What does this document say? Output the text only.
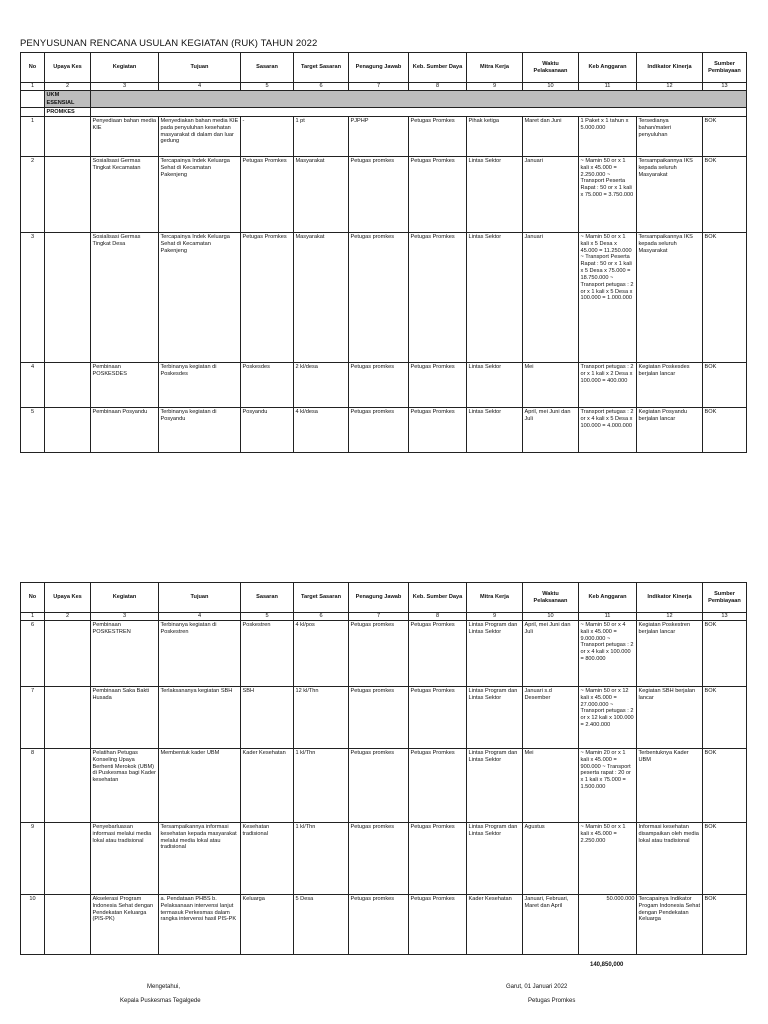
PENYUSUNAN RENCANA USULAN KEGIATAN (RUK) TAHUN 2022
No	Upaya Kes	Kegiatan	Tujuan	Sasaran	Target Sasaran	Penagung Jawab	Keb. Sumber Daya	Mitra Kerja	Waktu Pelaksanaan	Keb Anggaran	Indikator Kinerja	Sumber Pembiayaan
1	2	3	4	5	6	7	8	9	10	11	12	13
	UKM ESENSIAL											
	PROMKES											
1		Penyediaan bahan media KIE	Menyediakan bahan media KIE pada penyuluhan kesehatan masyarakat di dalam dan luar gedung	-	1 pt	PJPHP	Petugas Promkes	Pihak ketiga	Maret dan Juni	1 Paket x 1 tahun x 5.000.000	Tersedianya bahan/materi penyuluhan	BOK
2		Sosialisasi Germas Tingkat Kecamatan	Tercapainya Indek Keluarga Sehat di Kecamatan Pakenjeng	Petugas Promkes	Masyarakat	Petugas promkes	Petugas Promkes	Lintas Sektor	Januari	~ Mamin 50 or x 1 kali x 45.000 = 2.250.000 ~ Transport Peserta Rapat : 50 or x 1 kali x 75.000 = 3.750.000	Tersampaikannya IKS kepada seluruh Masyarakat	BOK
3		Sosialisasi Germas Tingkat Desa	Tercapainya Indek Keluarga Sehat di Kecamatan Pakenjeng	Petugas Promkes	Masyarakat	Petugas promkes	Petugas Promkes	Lintas Sektor	Januari	~ Mamin 50 or x 1 kali x 5 Desa x 45.000 = 11.250.000 ~ Transport Peserta Rapat : 50 or x 1 kali x 5 Desa x 75.000 = 18.750.000 ~ Transport petugas : 2 or x 1 kali x 5 Desa x 100.000 = 1.000.000	Tersampaikannya IKS kepada seluruh Masyarakat	BOK
4		Pembinaan POSKESDES	Terbinanya kegiatan di Poskesdes	Poskesdes	2 kl/desa	Petugas promkes	Petugas Promkes	Lintas Sektor	Mei	Transport petugas : 2 or x 1 kali x 2 Desa x 100.000 = 400.000	Kegiatan Poskesdes berjalan lancar	BOK
5		Pembinaan Posyandu	Terbinanya kegiatan di Posyandu	Posyandu	4 kl/desa	Petugas promkes	Petugas Promkes	Lintas Sektor	April, mei Juni dan Juli	Transport petugas : 2 or x 4 kali x 5 Desa x 100.000 = 4.000.000	Kegiatan Posyandu berjalan lancar	BOK
No	Upaya Kes	Kegiatan	Tujuan	Sasaran	Target Sasaran	Penagung Jawab	Keb. Sumber Daya	Mitra Kerja	Waktu Pelaksanaan	Keb Anggaran	Indikator Kinerja	Sumber Pembiayaan
1	2	3	4	5	6	7	8	9	10	11	12	13
6		Pembinaan POSKESTREN	Terbinanya kegiatan di Poskestren	Poskestren	4 kl/pos	Petugas promkes	Petugas Promkes	Lintas Program dan Lintas Sektor	April, mei Juni dan Juli	~ Mamin 50 or x 4 kali x 45.000 = 9.000.000 ~ Transport petugas : 2 or x 4 kali x 100.000 = 800.000	Kegiatan Poskestren berjalan lancar	BOK
7		Pembinaan Saka Bakti Husada	Terlaksananya kegiatan SBH	SBH	12 kl/Thn	Petugas promkes	Petugas Promkes	Lintas Program dan Lintas Sektor	Januari s.d Desember	~ Mamin 50 or x 12 kali x 45.000 = 27.000.000 ~ Transport petugas : 2 or x 12 kali x 100.000 = 2.400.000	Kegiatan SBH berjalan lancar	BOK
8		Pelatihan Petugas Konseling Upaya Berhenti Merokok (UBM) di Puskesmas bagi Kader kesehatan	Membentuk kader UBM	Kader Kesehatan	1 kl/Thn	Petugas promkes	Petugas Promkes	Lintas Program dan Lintas Sektor	Mei	~ Mamin 20 or x 1 kali x 45.000 = 900.000 ~ Transport peserta rapat : 20 or x 1 kali x 75.000 = 1.500.000	Terbentuknya Kader UBM	BOK
9		Penyebarluasan informasi melalui media lokal atau tradisional	Tersampaikannya informasi kesehatan kepada masyarakat melalui media lokal atau tradisional	Kesehatan tradisional	1 kl/Thn	Petugas promkes	Petugas Promkes	Lintas Program dan Lintas Sektor	Agustus	~ Mamin 50 or x 1 kali x 45.000 = 2.250.000	Informasi kesehatan disampaikan oleh media lokal atau tradisional	BOK
10		Akselerasi Program Indonesia Sehat dengan Pendekatan Keluarga (PIS-PK)	a. Pendataan PHBS b. Pelaksanaan intervensi lanjut termasuk Perkesmas dalam rangka intervensi hasil PIS-PK	Keluarga	5 Desa	Petugas promkes	Petugas Promkes	Kader Kesehatan	Januari, Februari, Maret dan April	50.000.000	Tercapainya Indikator Progam Indonesia Sehat dengan Pendekatan Keluarga	BOK
140,850,000
Mengetahui,
Kepala Puskesmas Tegalgede
Garut, 01 Januari 2022
Petugas Promkes
